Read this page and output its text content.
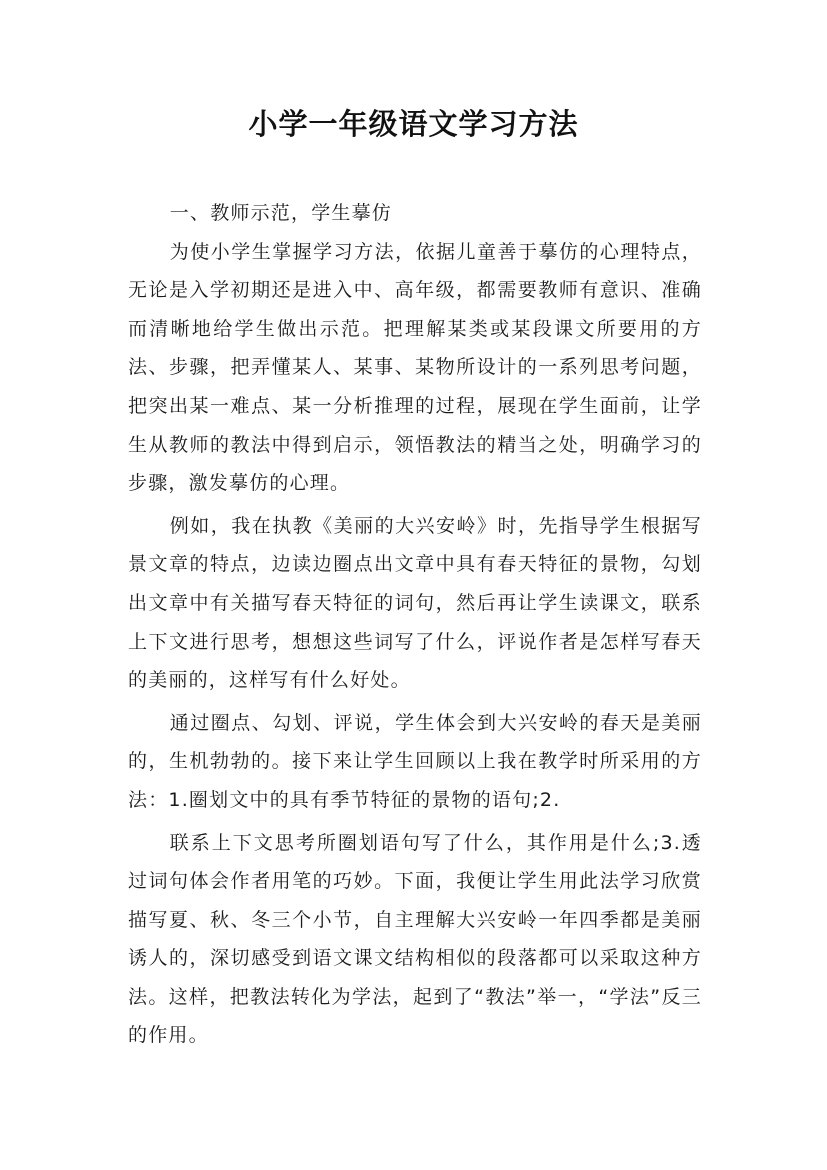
小学一年级语文学习方法

一、教师示范，学生摹仿

为使小学生掌握学习方法，依据儿童善于摹仿的心理特点，无论是入学初期还是进入中、高年级，都需要教师有意识、准确而清晰地给学生做出示范。把理解某类或某段课文所要用的方法、步骤，把弄懂某人、某事、某物所设计的一系列思考问题，把突出某一难点、某一分析推理的过程，展现在学生面前，让学生从教师的教法中得到启示，领悟教法的精当之处，明确学习的步骤，激发摹仿的心理。

例如，我在执教《美丽的大兴安岭》时，先指导学生根据写景文章的特点，边读边圈点出文章中具有春天特征的景物，勾划出文章中有关描写春天特征的词句，然后再让学生读课文，联系上下文进行思考，想想这些词写了什么，评说作者是怎样写春天的美丽的，这样写有什么好处。

通过圈点、勾划、评说，学生体会到大兴安岭的春天是美丽的，生机勃勃的。接下来让学生回顾以上我在教学时所采用的方法：1.圈划文中的具有季节特征的景物的语句;2.

联系上下文思考所圈划语句写了什么，其作用是什么;3.透过词句体会作者用笔的巧妙。下面，我便让学生用此法学习欣赏描写夏、秋、冬三个小节，自主理解大兴安岭一年四季都是美丽诱人的，深切感受到语文课文结构相似的段落都可以采取这种方法。这样，把教法转化为学法，起到了“教法”举一，“学法”反三的作用。
